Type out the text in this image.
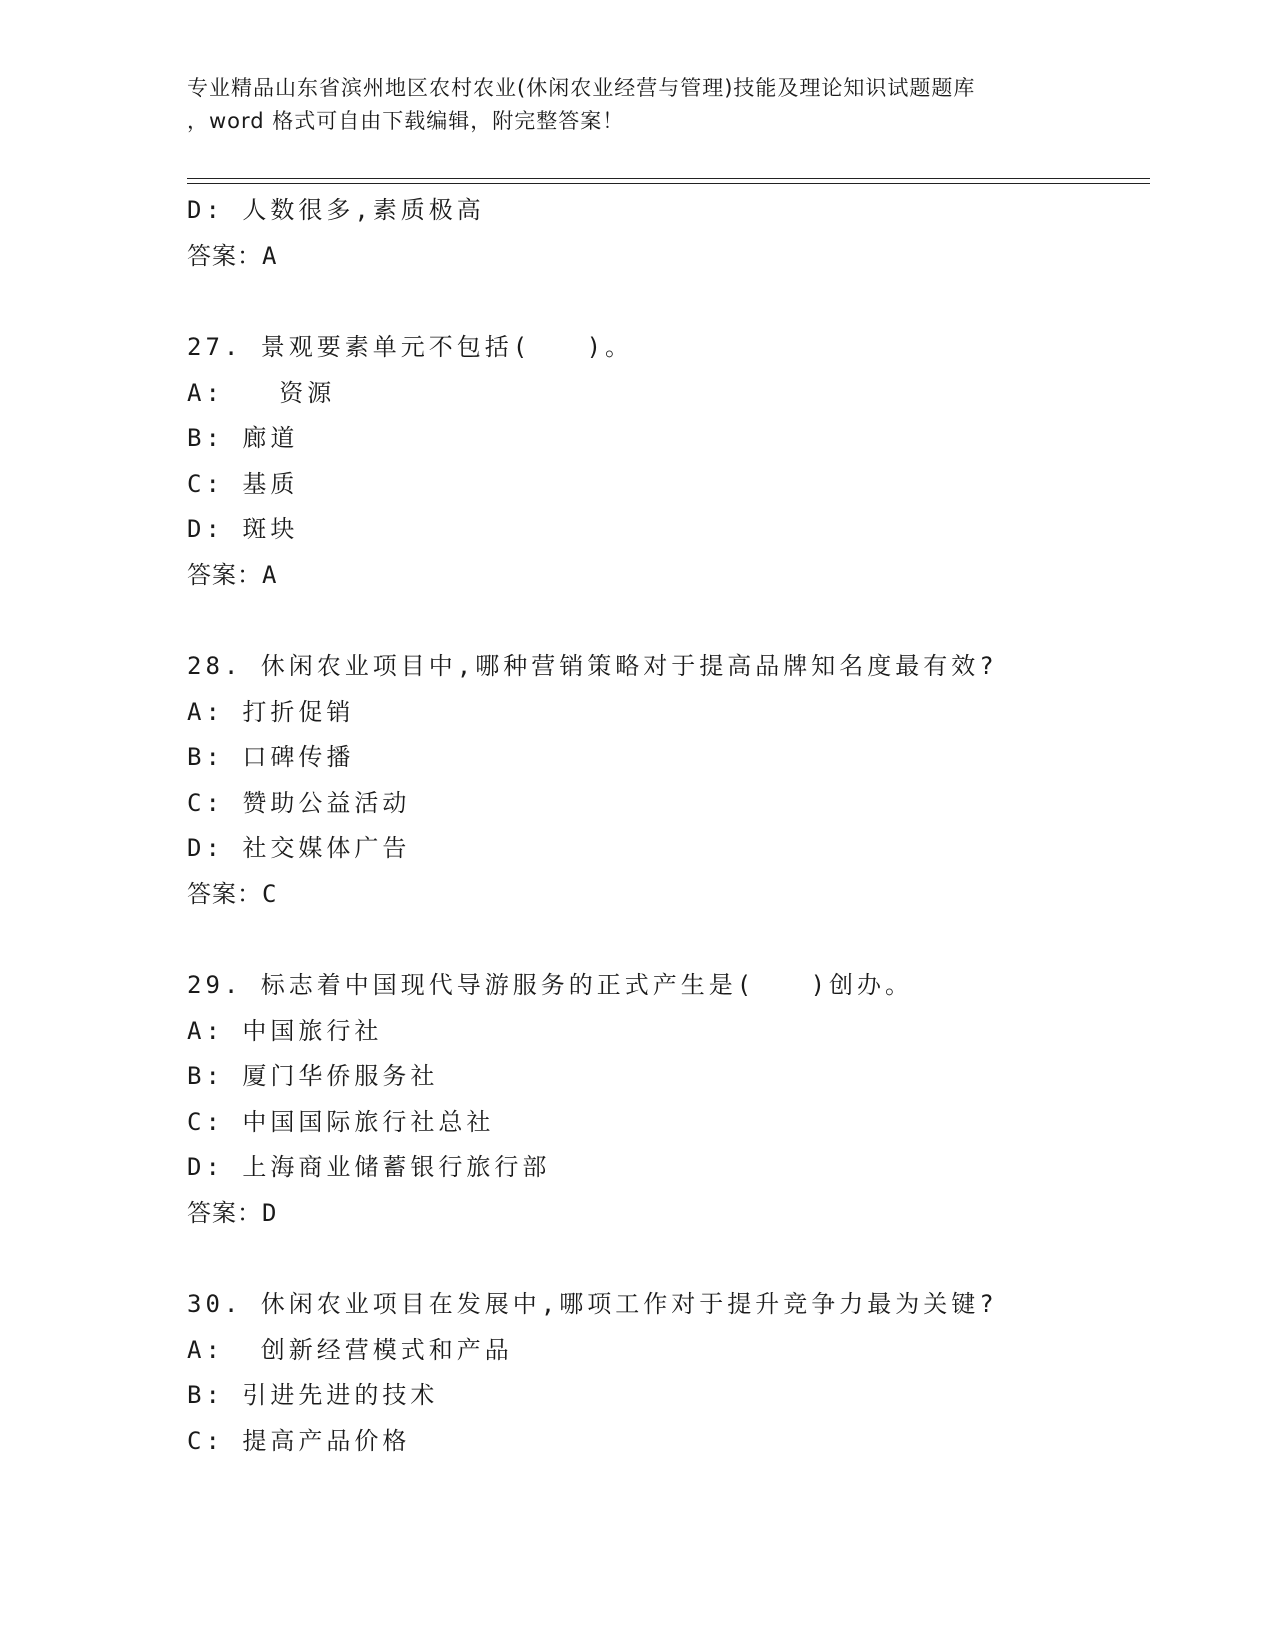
专业精品山东省滨州地区农村农业(休闲农业经营与管理)技能及理论知识试题题库
，word 格式可自由下载编辑，附完整答案！
D: 人数很多,素质极高
答案：A
27. 景观要素单元不包括(   )。
A:   资源
B: 廊道
C: 基质
D: 斑块
答案：A
28. 休闲农业项目中,哪种营销策略对于提高品牌知名度最有效?
A: 打折促销
B: 口碑传播
C: 赞助公益活动
D: 社交媒体广告
答案：C
29. 标志着中国现代导游服务的正式产生是(   )创办。
A: 中国旅行社
B: 厦门华侨服务社
C: 中国国际旅行社总社
D: 上海商业储蓄银行旅行部
答案：D
30. 休闲农业项目在发展中,哪项工作对于提升竞争力最为关键?
A:  创新经营模式和产品
B: 引进先进的技术
C: 提高产品价格
